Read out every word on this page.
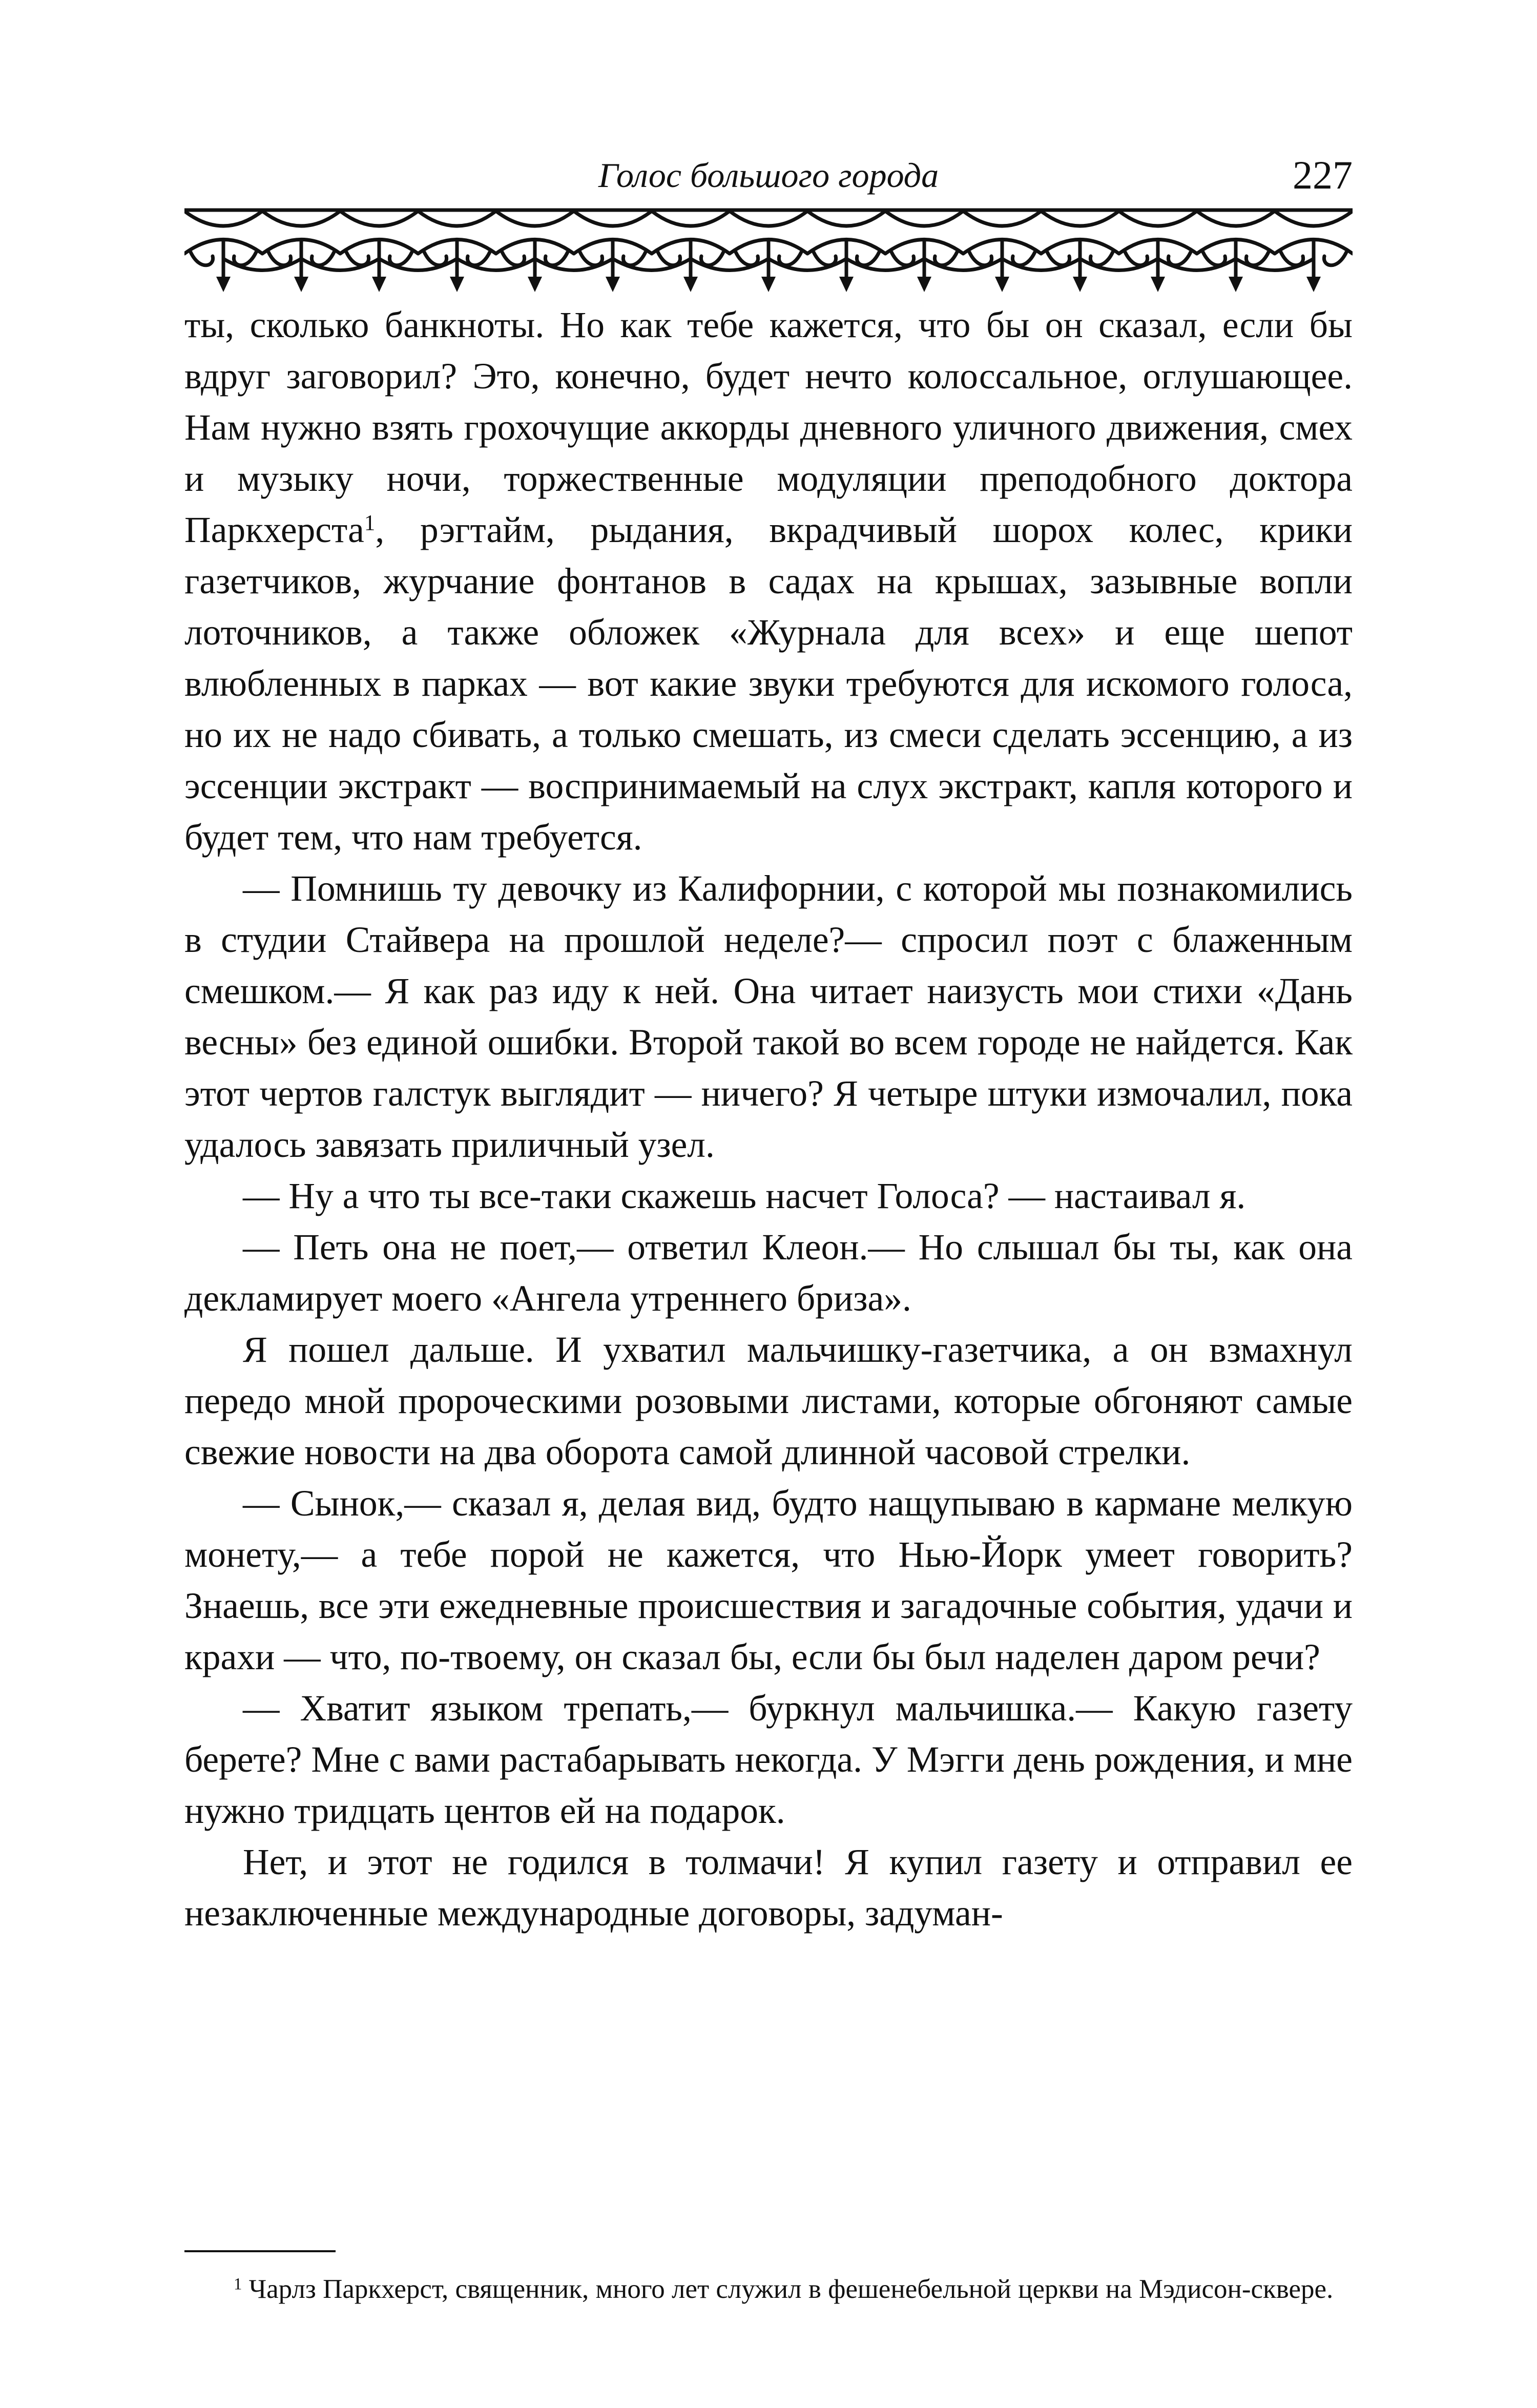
Голос большого города	227

ты, сколько банкноты. Но как тебе кажется, что бы он сказал, если бы вдруг заговорил? Это, конечно, будет нечто колоссальное, оглушающее. Нам нужно взять грохочущие аккорды дневного уличного движения, смех и музыку ночи, торжественные модуляции преподобного доктора Паркхерста$^1$, рэгтайм, рыдания, вкрадчивый шорох колес, крики газетчиков, журчание фонтанов в садах на крышах, зазывные вопли лоточников, а также обложек «Журнала для всех» и еще шепот влюбленных в парках — вот какие звуки требуются для искомого голоса, но их не надо сбивать, а только смешать, из смеси сделать эссенцию, а из эссенции экстракт — воспринимаемый на слух экстракт, капля которого и будет тем, что нам требуется.

— Помнишь ту девочку из Калифорнии, с которой мы познакомились в студии Стайвера на прошлой неделе?— спросил поэт с блаженным смешком.— Я как раз иду к ней. Она читает наизусть мои стихи «Дань весны» без единой ошибки. Второй такой во всем городе не найдется. Как этот чертов галстук выглядит — ничего? Я четыре штуки измочалил, пока удалось завязать приличный узел.

— Ну а что ты все-таки скажешь насчет Голоса? — настаивал я.

— Петь она не поет,— ответил Клеон.— Но слышал бы ты, как она декламирует моего «Ангела утреннего бриза».

Я пошел дальше. И ухватил мальчишку-газетчика, а он взмахнул передо мной пророческими розовыми листами, которые обгоняют самые свежие новости на два оборота самой длинной часовой стрелки.

— Сынок,— сказал я, делая вид, будто нащупываю в кармане мелкую монету,— а тебе порой не кажется, что Нью-Йорк умеет говорить? Знаешь, все эти ежедневные происшествия и загадочные события, удачи и крахи — что, по-твоему, он сказал бы, если бы был наделен даром речи?

— Хватит языком трепать,— буркнул мальчишка.— Какую газету берете? Мне с вами растабарывать некогда. У Мэгги день рождения, и мне нужно тридцать центов ей на подарок.

Нет, и этот не годился в толмачи! Я купил газету и отправил ее незаключенные международные договоры, задуман-

$^1$ Чарлз Паркхерст, священник, много лет служил в фешенебельной церкви на Мэдисон-сквере.
